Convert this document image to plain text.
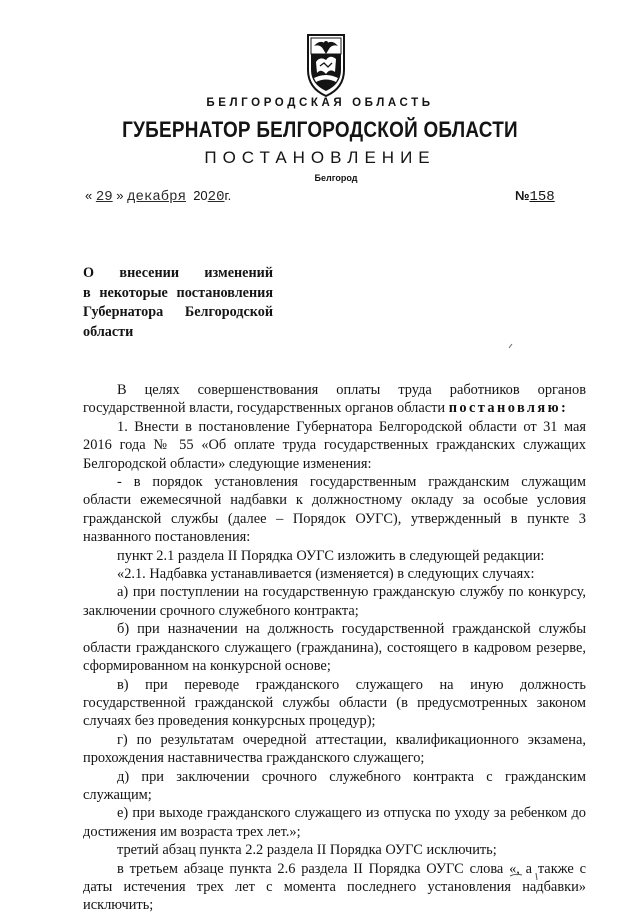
БЕЛГОРОДСКАЯ ОБЛАСТЬ
ГУБЕРНАТОР БЕЛГОРОДСКОЙ ОБЛАСТИ
ПОСТАНОВЛЕНИЕ
Белгород
« 29 » декабря 2020г.	№158
О внесении изменений
в некоторые постановления
Губернатора Белгородской
области

В целях совершенствования оплаты труда работников органов государственной власти, государственных органов области постановляю:

1. Внести в постановление Губернатора Белгородской области от 31 мая 2016 года № 55 «Об оплате труда государственных гражданских служащих Белгородской области» следующие изменения:

- в порядок установления государственным гражданским служащим области ежемесячной надбавки к должностному окладу за особые условия гражданской службы (далее – Порядок ОУГС), утвержденный в пункте 3 названного постановления:

пункт 2.1 раздела II Порядка ОУГС изложить в следующей редакции:

«2.1. Надбавка устанавливается (изменяется) в следующих случаях:

а) при поступлении на государственную гражданскую службу по конкурсу, заключении срочного служебного контракта;

б) при назначении на должность государственной гражданской службы области гражданского служащего (гражданина), состоящего в кадровом резерве, сформированном на конкурсной основе;

в) при переводе гражданского служащего на иную должность государственной гражданской службы области (в предусмотренных законом случаях без проведения конкурсных процедур);

г) по результатам очередной аттестации, квалификационного экзамена, прохождения наставничества гражданского служащего;

д) при заключении срочного служебного контракта с гражданским служащим;

е) при выходе гражданского служащего из отпуска по уходу за ребенком до достижения им возраста трех лет.»;

третий абзац пункта 2.2 раздела II Порядка ОУГС исключить;

в третьем абзаце пункта 2.6 раздела II Порядка ОУГС слова «, а также с даты истечения трех лет с момента последнего установления надбавки» исключить;
